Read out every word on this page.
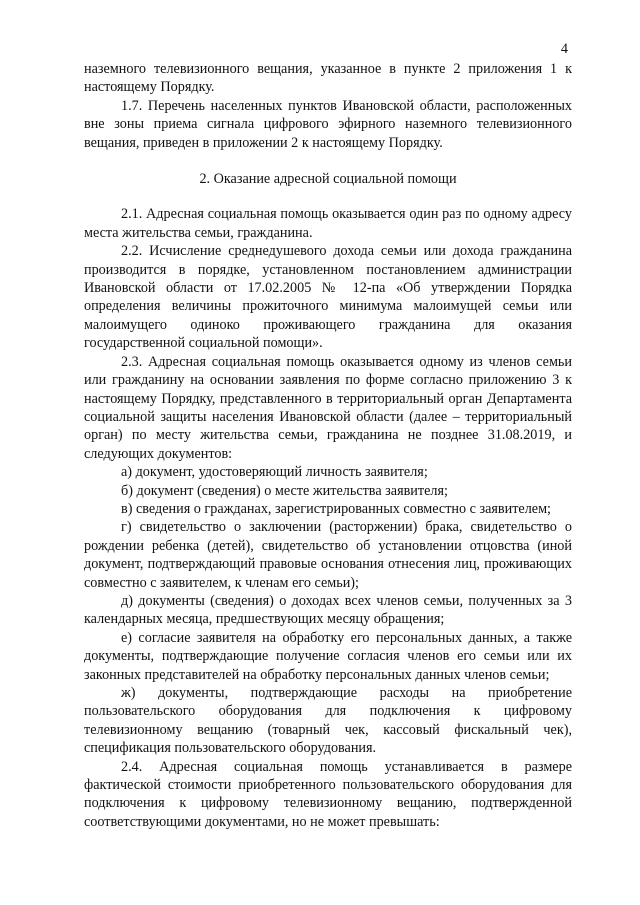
4

наземного телевизионного вещания, указанное в пункте 2 приложения 1 к настоящему Порядку.

1.7. Перечень населенных пунктов Ивановской области, расположенных вне зоны приема сигнала цифрового эфирного наземного телевизионного вещания, приведен в приложении 2 к настоящему Порядку.

2. Оказание адресной социальной помощи

2.1. Адресная социальная помощь оказывается один раз по одному адресу места жительства семьи, гражданина.

2.2. Исчисление среднедушевого дохода семьи или дохода гражданина производится в порядке, установленном постановлением администрации Ивановской области от 17.02.2005 № 12-па «Об утверждении Порядка определения величины прожиточного минимума малоимущей семьи или малоимущего одиноко проживающего гражданина для оказания государственной социальной помощи».

2.3. Адресная социальная помощь оказывается одному из членов семьи или гражданину на основании заявления по форме согласно приложению 3 к настоящему Порядку, представленного в территориальный орган Департамента социальной защиты населения Ивановской области (далее – территориальный орган) по месту жительства семьи, гражданина не позднее 31.08.2019, и следующих документов:

а) документ, удостоверяющий личность заявителя;

б) документ (сведения) о месте жительства заявителя;

в) сведения о гражданах, зарегистрированных совместно с заявителем;

г) свидетельство о заключении (расторжении) брака, свидетельство о рождении ребенка (детей), свидетельство об установлении отцовства (иной документ, подтверждающий правовые основания отнесения лиц, проживающих совместно с заявителем, к членам его семьи);

д) документы (сведения) о доходах всех членов семьи, полученных за 3 календарных месяца, предшествующих месяцу обращения;

е) согласие заявителя на обработку его персональных данных, а также документы, подтверждающие получение согласия членов его семьи или их законных представителей на обработку персональных данных членов семьи;

ж) документы, подтверждающие расходы на приобретение пользовательского оборудования для подключения к цифровому телевизионному вещанию (товарный чек, кассовый фискальный чек), спецификация пользовательского оборудования.

2.4. Адресная социальная помощь устанавливается в размере фактической стоимости приобретенного пользовательского оборудования для подключения к цифровому телевизионному вещанию, подтвержденной соответствующими документами, но не может превышать:
